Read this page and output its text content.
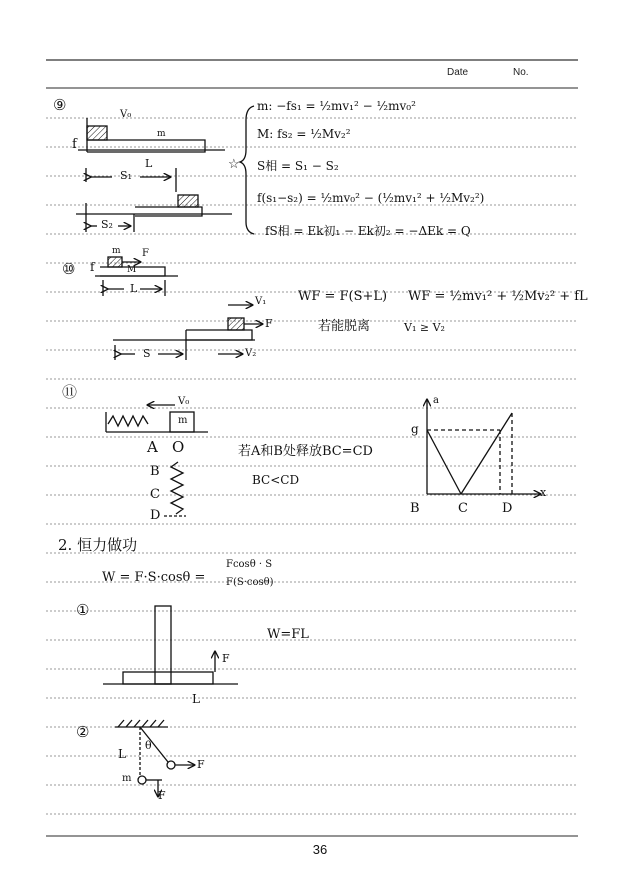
Date	No.
⑨
V₀
f
m
L
S₁
S₂
m: −fs₁ = ½mv₁² − ½mv₀²
M: fs₂ = ½Mv₂²
☆ S相 = S₁ − S₂
f(s₁−s₂) = ½mv₀² − (½mv₁² + ½Mv₂²)
fS相 = Ek初₁ − Ek初₂ = −ΔEk = Q
⑩ f
m F
M
L
V₁
F
S	V₂
WF = F(S+L) WF = ½mv₁² + ½Mv₂² + fL
若能脱离	V₁ ≥ V₂
⑪
V₀
m
A O
B
C
D
若A和B处释放BC=CD
BC<CD
a
g
x
B	C	D
2. 恒力做功
W = F·S·cosθ =
Fcosθ · S
F(S·cosθ)
①
F
L
W=FL
②
L
θ
m
F
F
36
